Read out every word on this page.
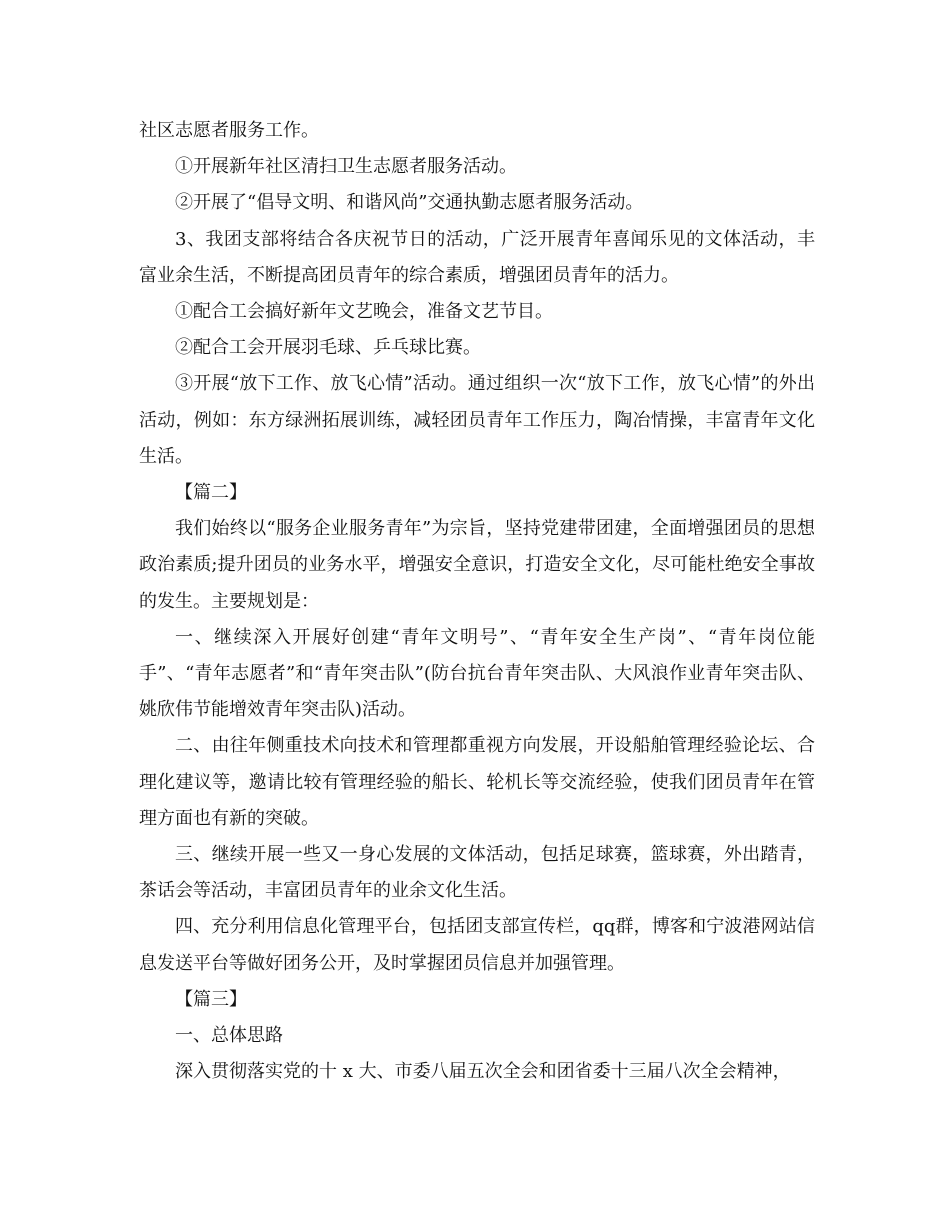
社区志愿者服务工作。

①开展新年社区清扫卫生志愿者服务活动。

②开展了“倡导文明、和谐风尚”交通执勤志愿者服务活动。

3、我团支部将结合各庆祝节日的活动，广泛开展青年喜闻乐见的文体活动，丰富业余生活，不断提高团员青年的综合素质，增强团员青年的活力。

①配合工会搞好新年文艺晚会，准备文艺节目。

②配合工会开展羽毛球、乒乓球比赛。

③开展“放下工作、放飞心情”活动。通过组织一次“放下工作，放飞心情”的外出活动，例如：东方绿洲拓展训练，减轻团员青年工作压力，陶冶情操，丰富青年文化生活。

【篇二】

我们始终以“服务企业服务青年”为宗旨，坚持党建带团建，全面增强团员的思想政治素质;提升团员的业务水平，增强安全意识，打造安全文化，尽可能杜绝安全事故的发生。主要规划是：

一、继续深入开展好创建“青年文明号”、“青年安全生产岗”、“青年岗位能手”、“青年志愿者”和“青年突击队”(防台抗台青年突击队、大风浪作业青年突击队、姚欣伟节能增效青年突击队)活动。

二、由往年侧重技术向技术和管理都重视方向发展，开设船舶管理经验论坛、合理化建议等，邀请比较有管理经验的船长、轮机长等交流经验，使我们团员青年在管理方面也有新的突破。

三、继续开展一些又一身心发展的文体活动，包括足球赛，篮球赛，外出踏青，茶话会等活动，丰富团员青年的业余文化生活。

四、充分利用信息化管理平台，包括团支部宣传栏，qq群，博客和宁波港网站信息发送平台等做好团务公开，及时掌握团员信息并加强管理。

【篇三】

一、总体思路

深入贯彻落实党的十 x 大、市委八届五次全会和团省委十三届八次全会精神，
